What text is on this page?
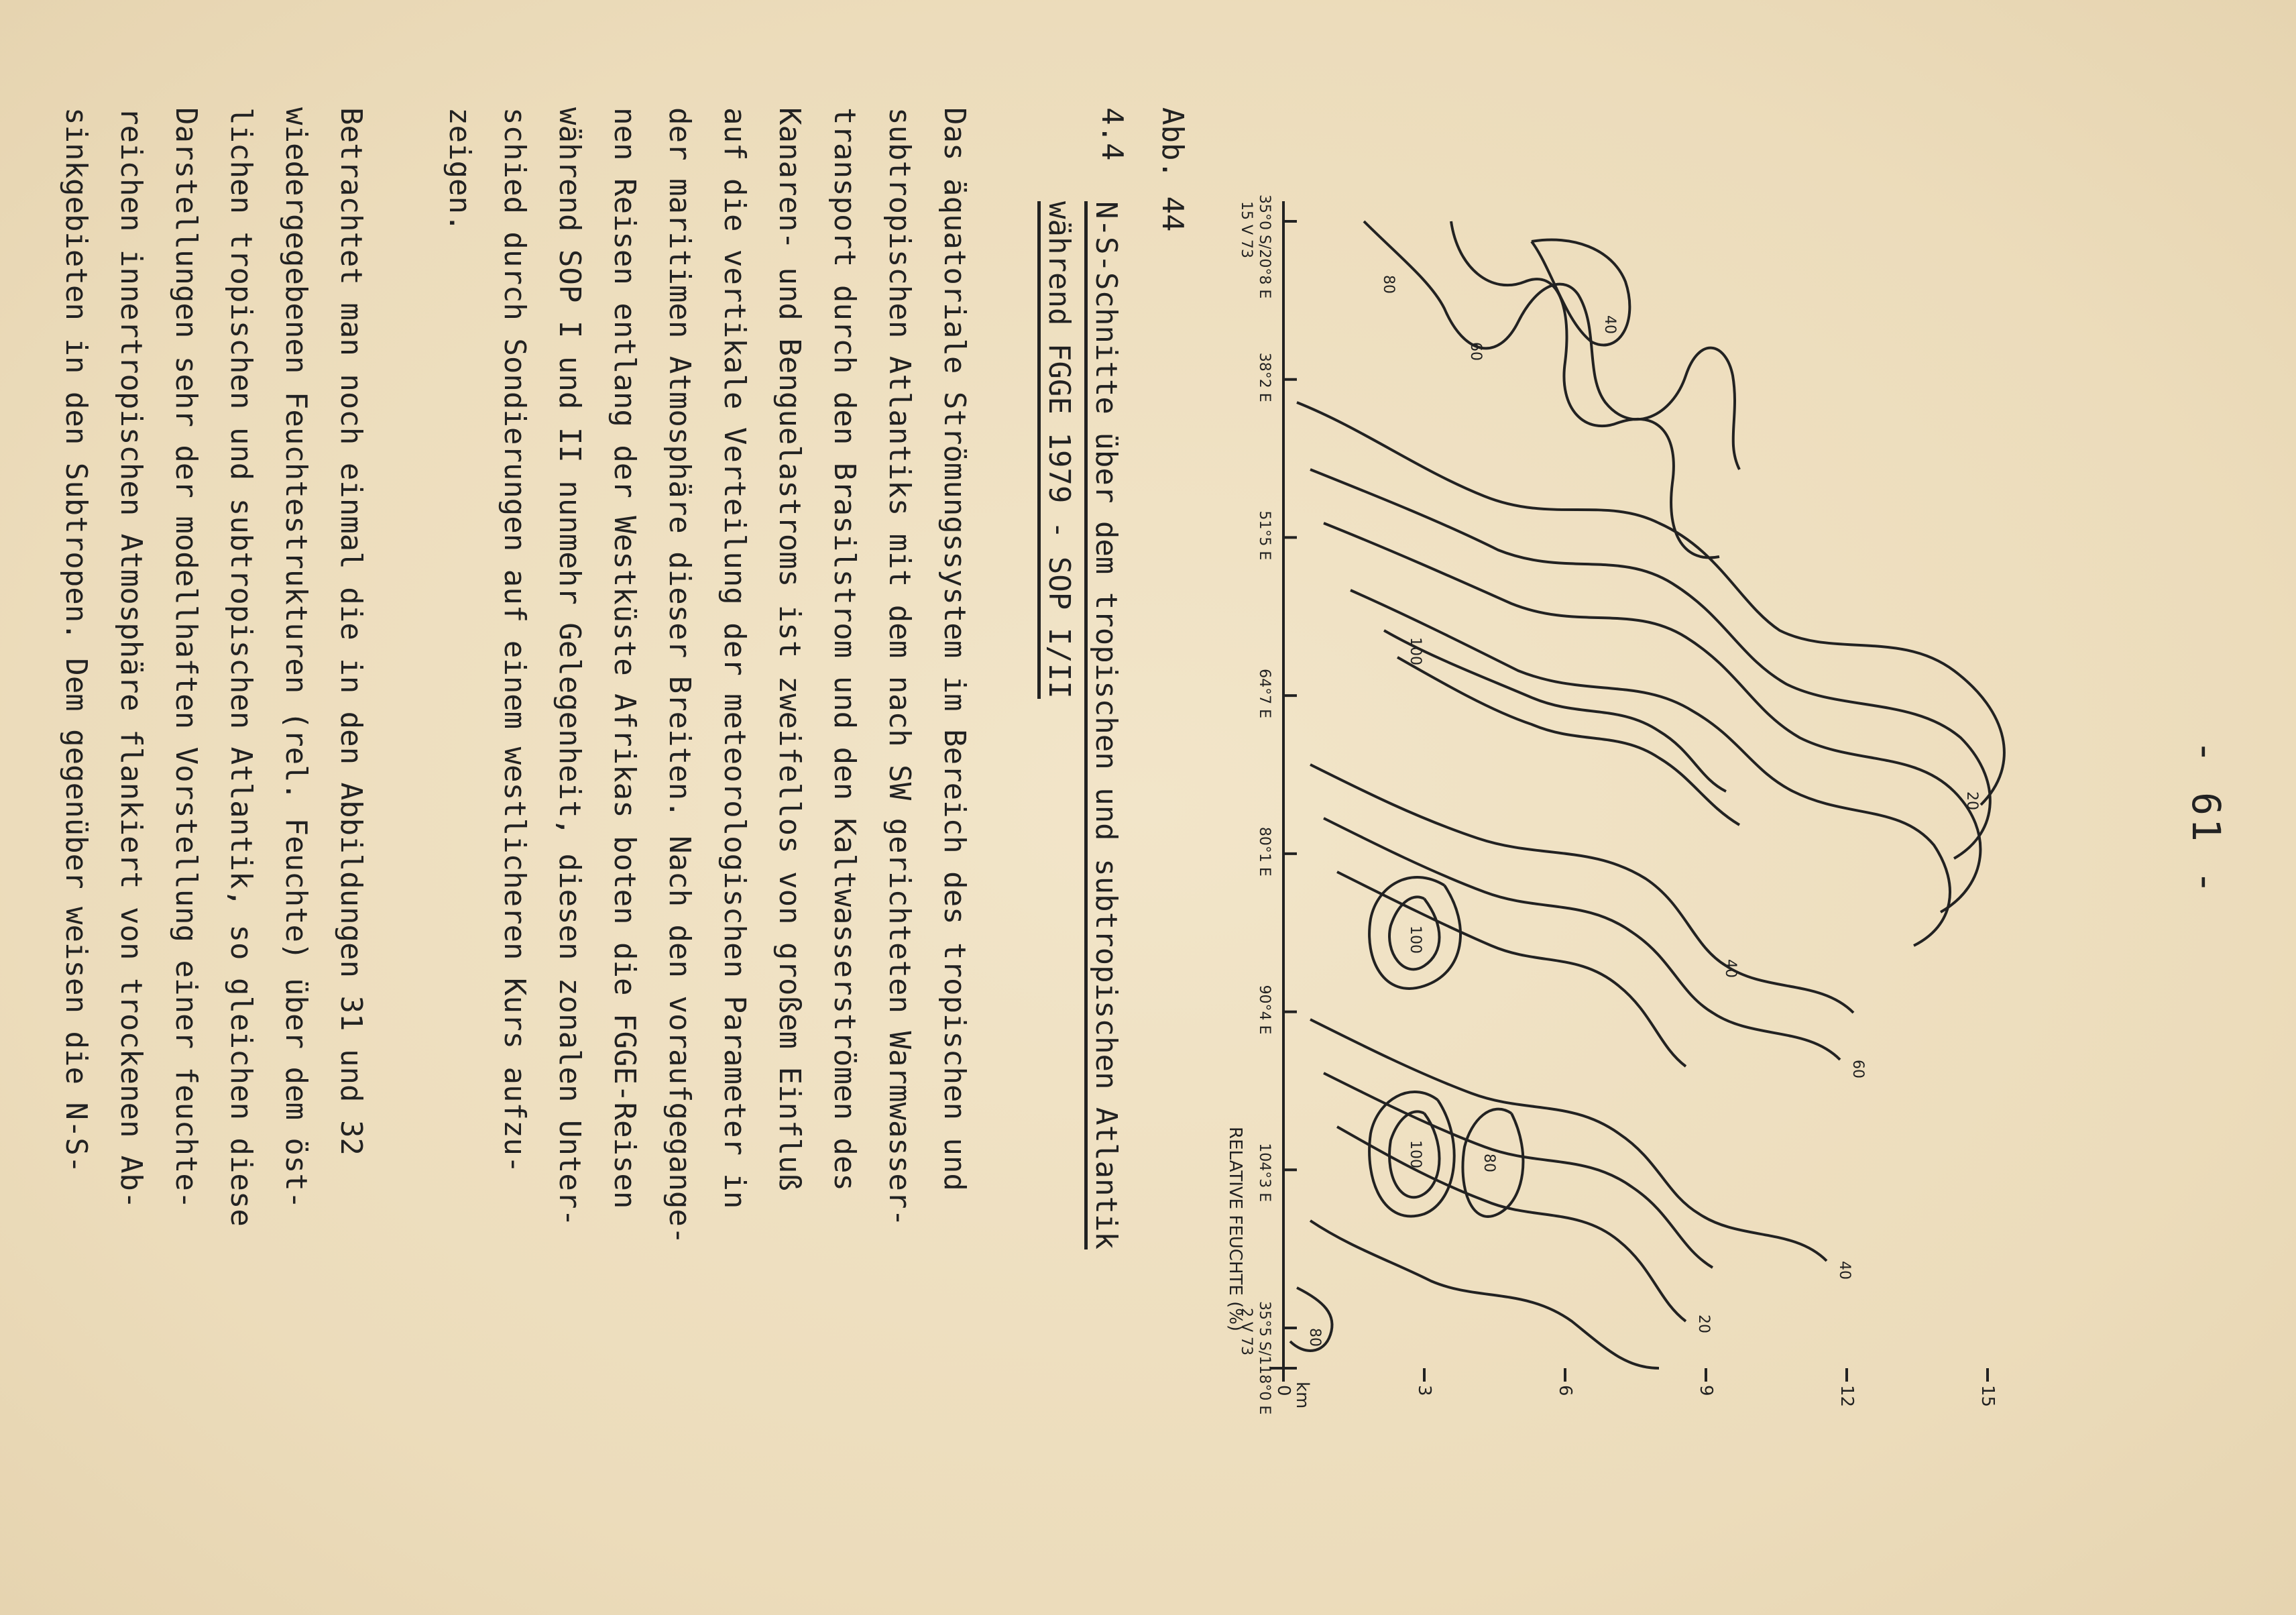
- 61 -
0	3	6	9	12	15
km
35°0 S/20°8 E
15 V 73
38°2 E
51°5 E
64°7 E
80°1 E
90°4 E
104°3 E
35°5 S/118°0 E
2 V 73
80
60
40
20
100
100
100	80
40
60
40
20
80
RELATIVE FEUCHTE (%)
Abb. 44
4.4
N-S-Schnitte über dem tropischen und subtropischen Atlantik
während FGGE 1979 - SOP I/II
Das äquatoriale Strömungssystem im Bereich des tropischen und
subtropischen Atlantiks mit dem nach SW gerichteten Warmwasser-
transport durch den Brasilstrom und den Kaltwasserströmen des
Kanaren- und Benguelastroms ist zweifellos von großem Einfluß
auf die vertikale Verteilung der meteorologischen Parameter in
der maritimen Atmosphäre dieser Breiten. Nach den voraufgegange-
nen Reisen entlang der Westküste Afrikas boten die FGGE-Reisen
während SOP I und II nunmehr Gelegenheit, diesen zonalen Unter-
schied durch Sondierungen auf einem westlicheren Kurs aufzu-
zeigen.
Betrachtet man noch einmal die in den Abbildungen 31 und 32
wiedergegebenen Feuchtestrukturen (rel. Feuchte) über dem öst-
lichen tropischen und subtropischen Atlantik, so gleichen diese
Darstellungen sehr der modellhaften Vorstellung einer feuchte-
reichen innertropischen Atmosphäre flankiert von trockenen Ab-
sinkgebieten in den Subtropen. Dem gegenüber weisen die N-S-
